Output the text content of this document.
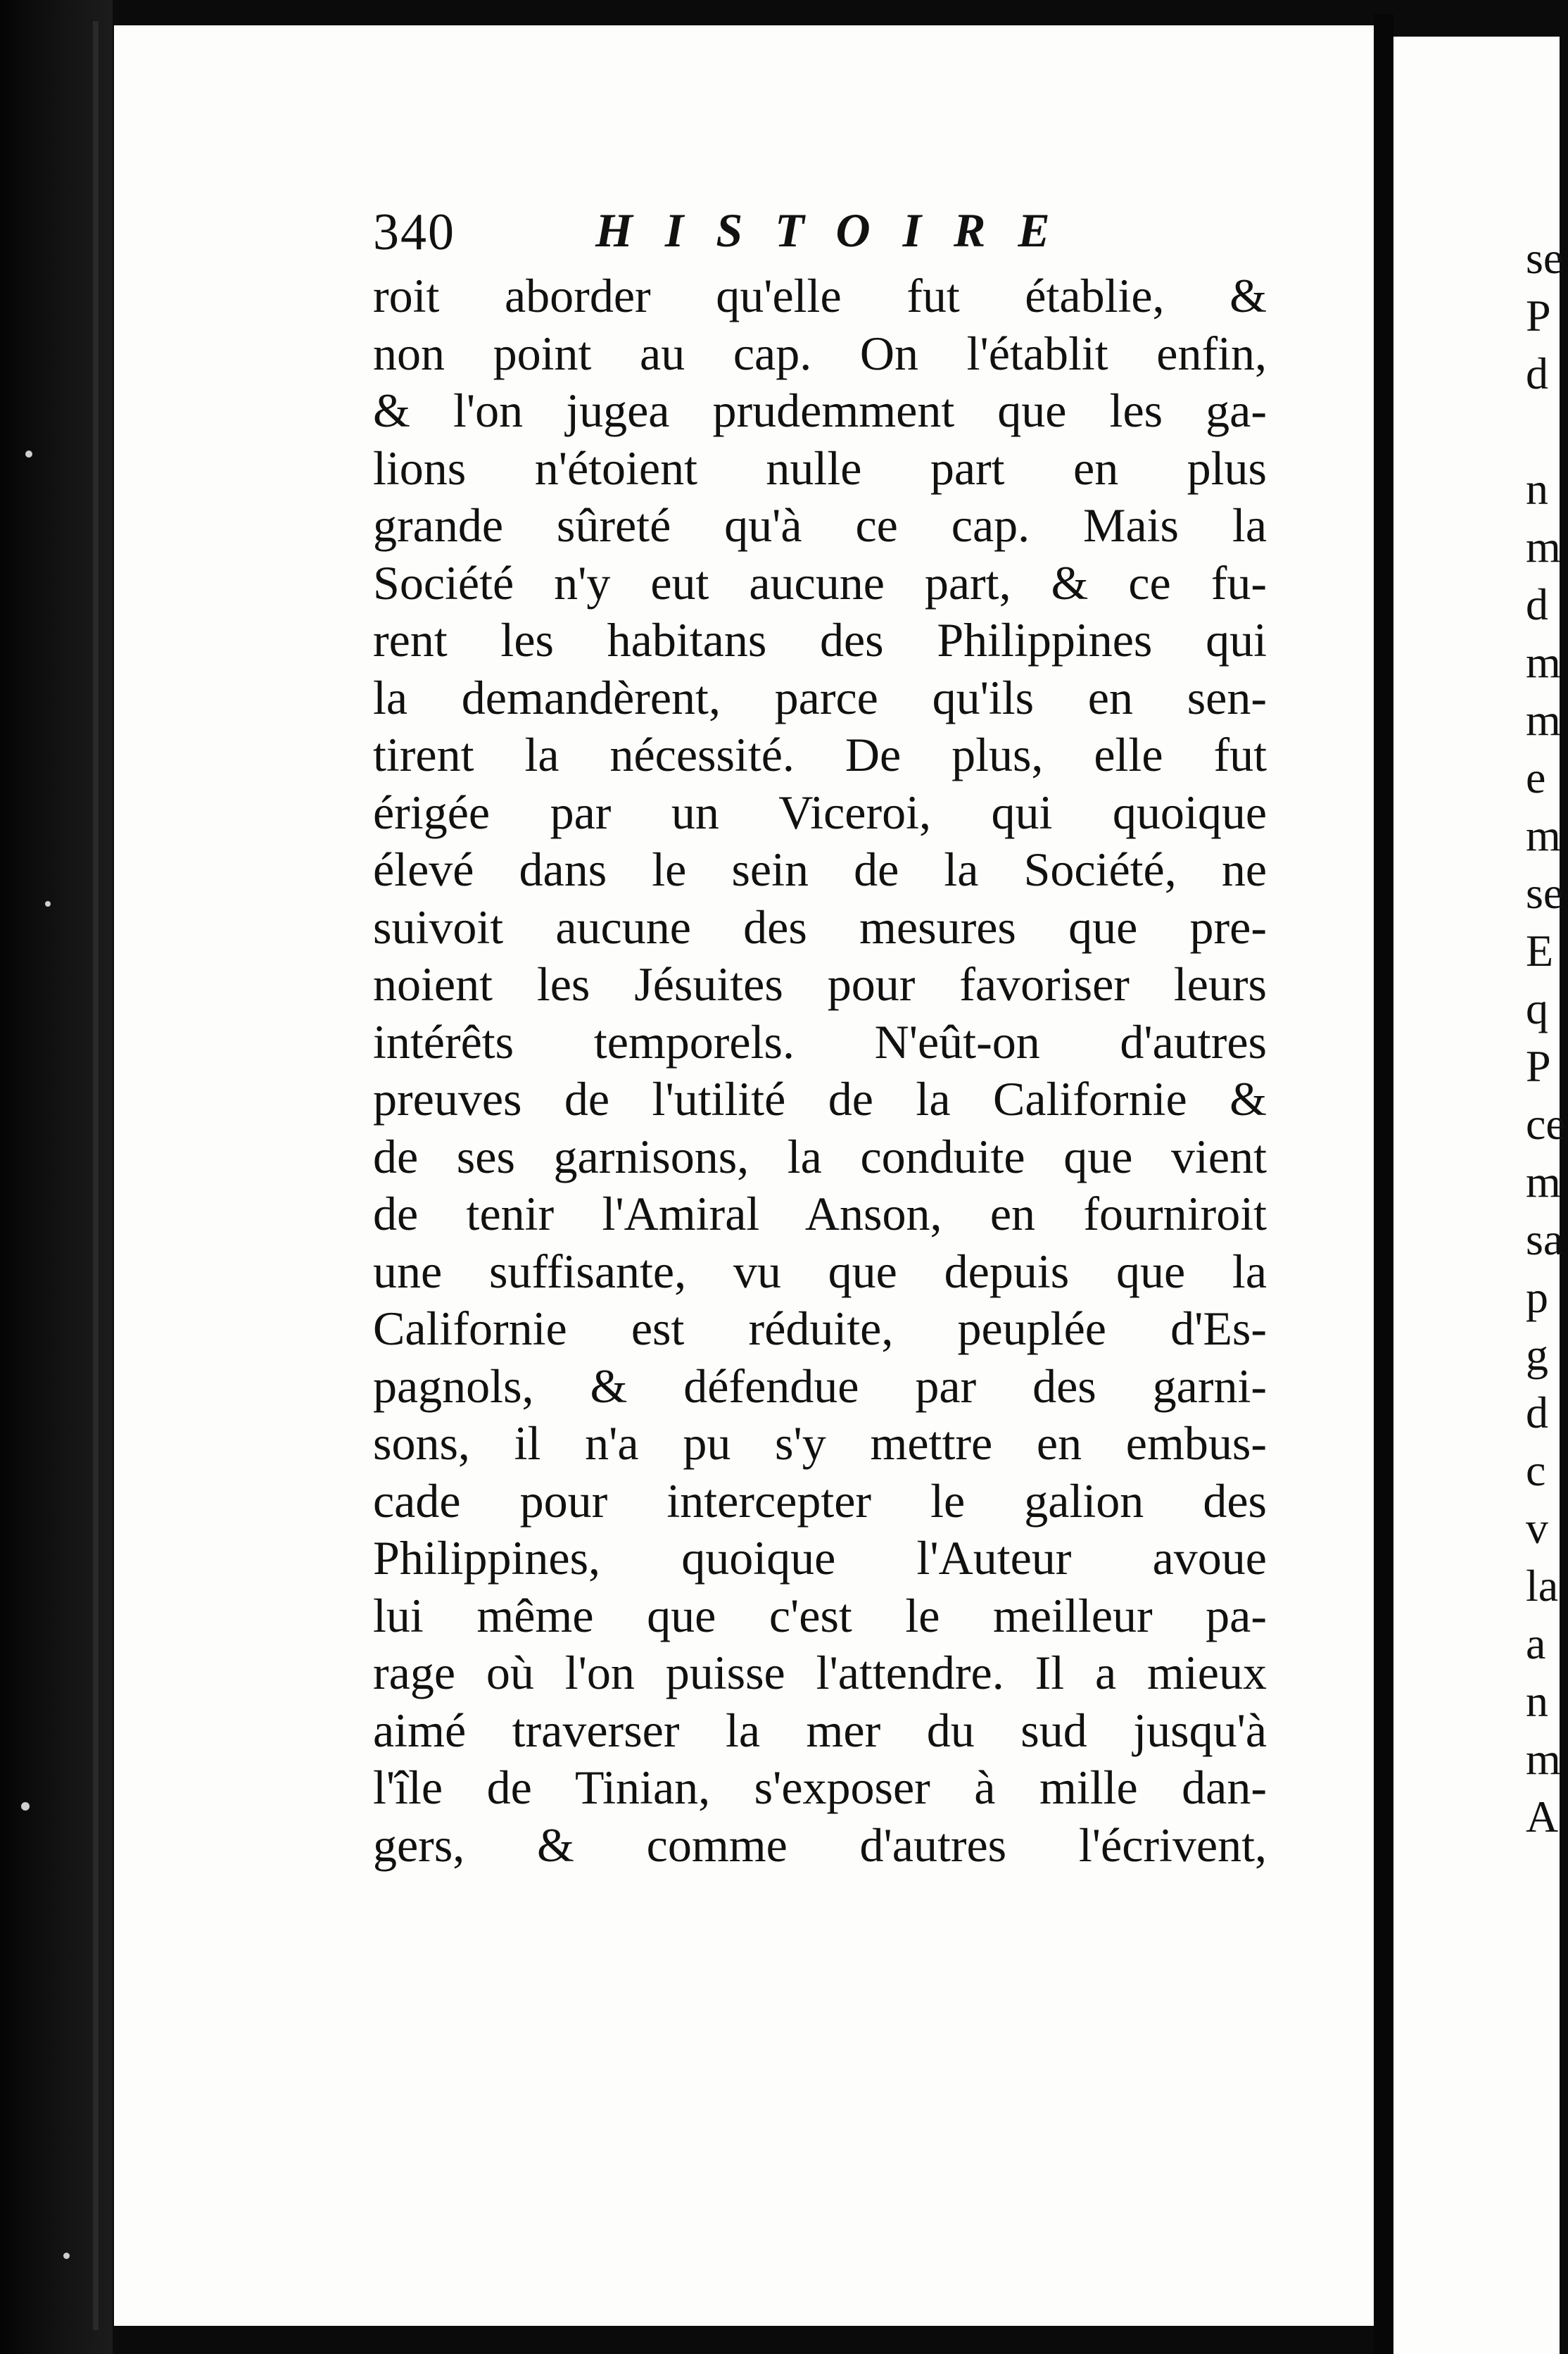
340	HISTOIRE
roit aborder qu'elle fut établie, &
non point au cap. On l'établit enfin,
& l'on jugea prudemment que les ga-
lions n'étoient nulle part en plus
grande sûreté qu'à ce cap. Mais la
Société n'y eut aucune part, & ce fu-
rent les habitans des Philippines qui
la demandèrent, parce qu'ils en sen-
tirent la nécessité. De plus, elle fut
érigée par un Viceroi, qui quoique
élevé dans le sein de la Société, ne
suivoit aucune des mesures que pre-
noient les Jésuites pour favoriser leurs
intérêts temporels. N'eût-on d'autres
preuves de l'utilité de la Californie &
de ses garnisons, la conduite que vient
de tenir l'Amiral Anson, en fourniroit
une suffisante, vu que depuis que la
Californie est réduite, peuplée d'Es-
pagnols, & défendue par des garni-
sons, il n'a pu s'y mettre en embus-
cade pour intercepter le galion des
Philippines, quoique l'Auteur avoue
lui même que c'est le meilleur pa-
rage où l'on puisse l'attendre. Il a mieux
aimé traverser la mer du sud jusqu'à
l'île de Tinian, s'exposer à mille dan-
gers, & comme d'autres l'écrivent,
se
P
d
n
m
d
m
m
e
m
se
E
q
P
ce
m
sa
p
g
d
c
v
la
a
n
m
A
